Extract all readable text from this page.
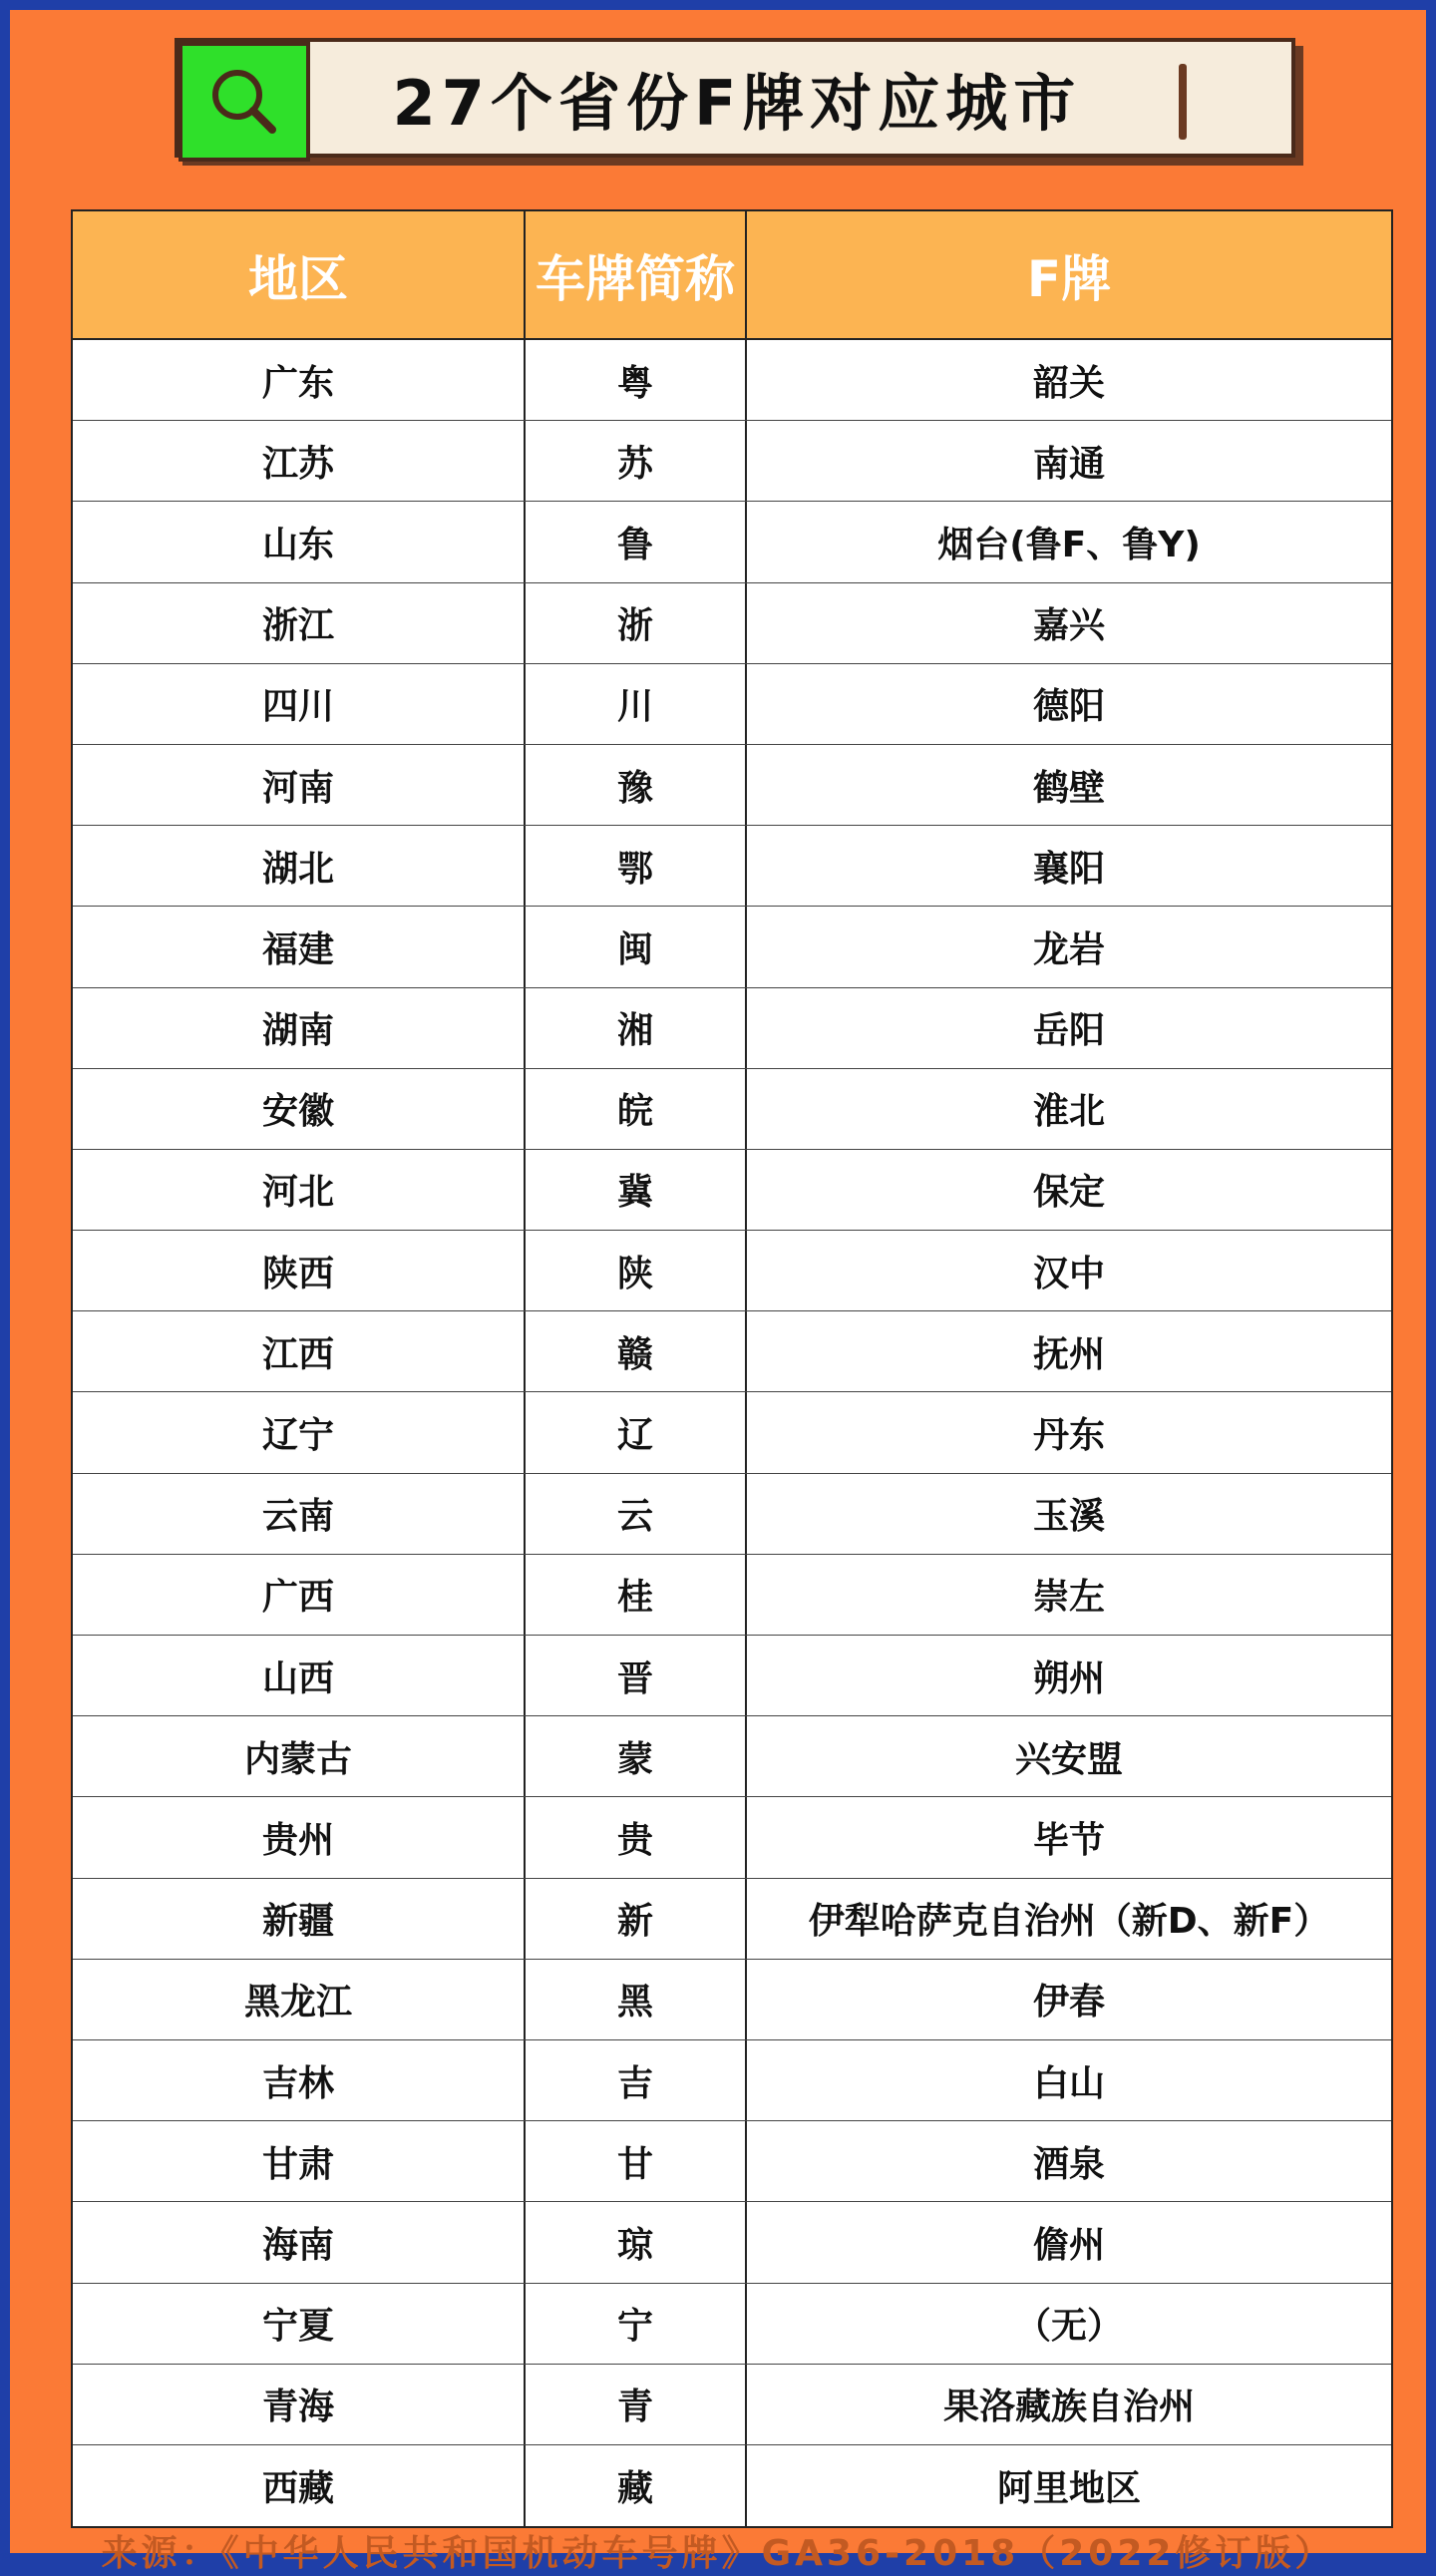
27个省份F牌对应城市
地区	车牌简称	F牌
广东	粤	韶关
江苏	苏	南通
山东	鲁	烟台(鲁F、鲁Y)
浙江	浙	嘉兴
四川	川	德阳
河南	豫	鹤壁
湖北	鄂	襄阳
福建	闽	龙岩
湖南	湘	岳阳
安徽	皖	淮北
河北	冀	保定
陕西	陕	汉中
江西	赣	抚州
辽宁	辽	丹东
云南	云	玉溪
广西	桂	崇左
山西	晋	朔州
内蒙古	蒙	兴安盟
贵州	贵	毕节
新疆	新	伊犁哈萨克自治州（新D、新F）
黑龙江	黑	伊春
吉林	吉	白山
甘肃	甘	酒泉
海南	琼	儋州
宁夏	宁	（无）
青海	青	果洛藏族自治州
西藏	藏	阿里地区
来源：《中华人民共和国机动车号牌》GA36-2018（2022修订版）
